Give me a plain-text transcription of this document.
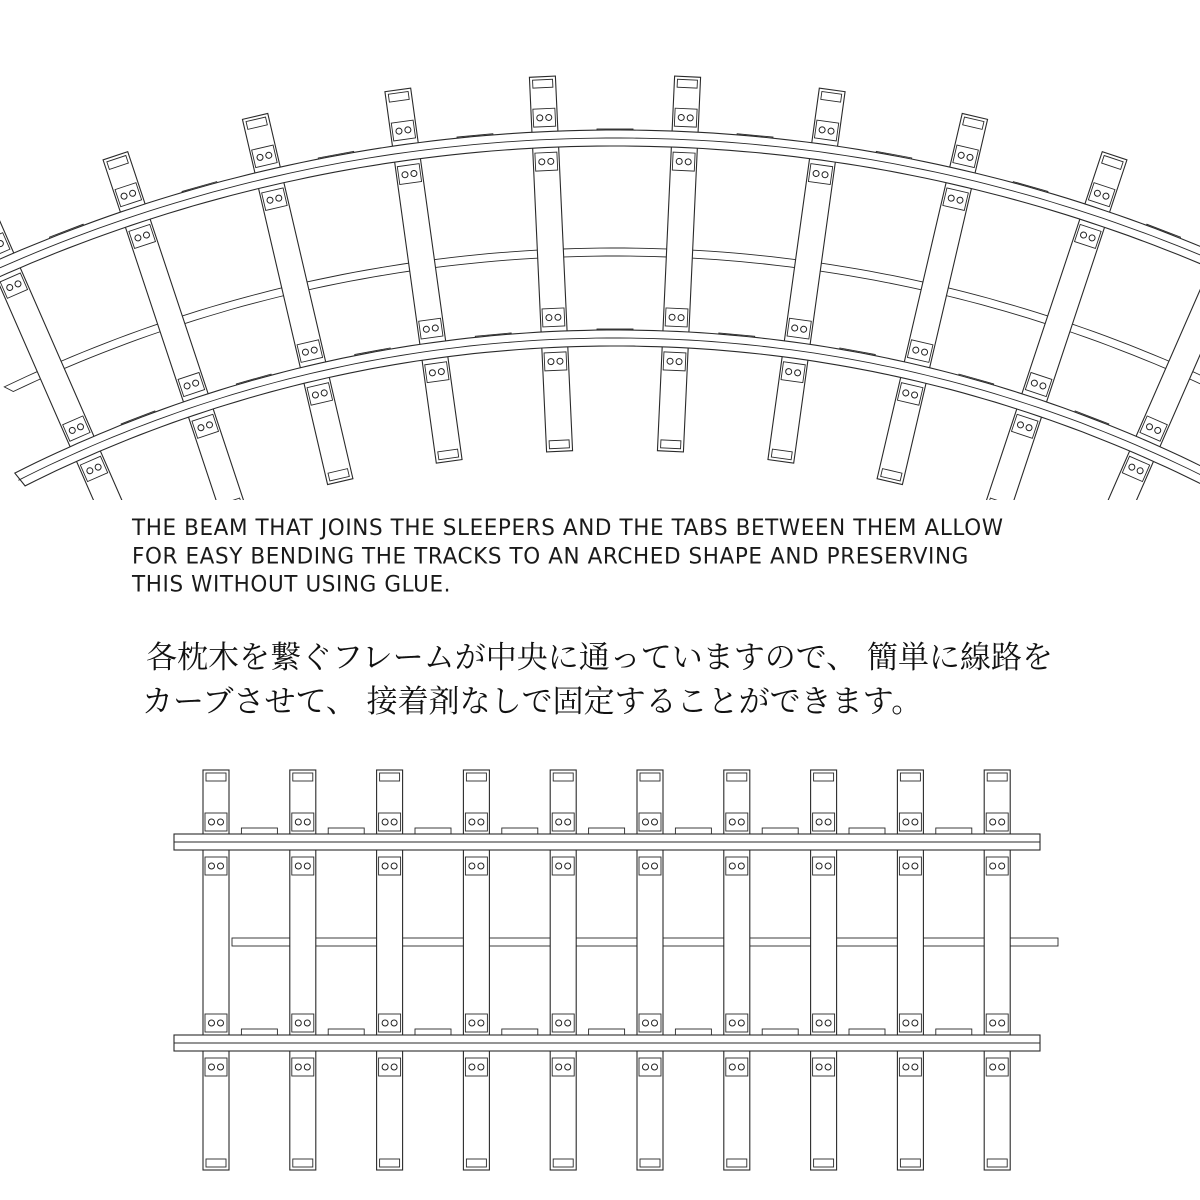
THE BEAM THAT JOINS THE SLEEPERS AND THE TABS BETWEEN THEM ALLOW
FOR EASY BENDING THE TRACKS TO AN ARCHED SHAPE AND PRESERVING
THIS WITHOUT USING GLUE.
各枕木を繋ぐフレームが中央に通っていますので、 簡単に線路を
カーブさせて、 接着剤なしで固定することができます。
